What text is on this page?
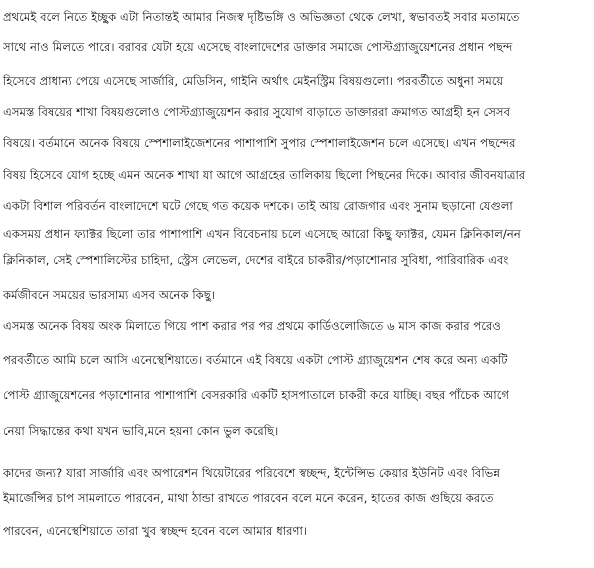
প্রথমেই বলে নিতে ইচ্ছুক এটা নিতান্তই আমার নিজস্ব দৃষ্টিভঙ্গি ও অভিজ্ঞতা থেকে লেখা, স্বভাবতই সবার মতামতে
সাথে নাও মিলতে পারে। বরাবর যেটা হয়ে এসেছে বাংলাদেশের ডাক্তার সমাজে পোস্টগ্র্যাজুয়েশনের প্রধান পছন্দ
হিসেবে প্রাধান্য পেয়ে এসেছে সার্জারি, মেডিসিন, গাইনি অর্থাৎ মেইনস্ট্রিম বিষয়গুলো। পরবর্তীতে অধুনা সময়ে
এসমস্ত বিষয়ের শাখা বিষয়গুলোও পোস্টগ্র্যাজুয়েশন করার সুযোগ বাড়াতে ডাক্তাররা ক্রমাগত আগ্রহী হন সেসব
বিষয়ে। বর্তমানে অনেক বিষয়ে স্পেশালাইজেশনের পাশাপাশি সুপার স্পেশালাইজেশন চলে এসেছে। এখন পছন্দের
বিষয় হিসেবে যোগ হচ্ছে এমন অনেক শাখা যা আগে আগ্রহের তালিকায় ছিলো পিছনের দিকে। আবার জীবনযাত্রার
একটা বিশাল পরিবর্তন বাংলাদেশে ঘটে গেছে গত কয়েক দশকে। তাই আয় রোজগার এবং সুনাম ছড়ানো যেগুলা
একসময় প্রধান ফ্যাক্টর ছিলো তার পাশাপাশি এখন বিবেচনায় চলে এসেছে আরো কিছু ফ্যাক্টর, যেমন ক্লিনিকাল/নন
ক্লিনিকাল, সেই স্পেশালিস্টের চাহিদা, স্ট্রেস লেভেল, দেশের বাইরে চাকরীর/পড়াশোনার সুবিধা, পারিবারিক এবং
কর্মজীবনে সময়ের ভারসাম্য এসব অনেক কিছু।
এসমস্ত অনেক বিষয় অংক মিলাতে গিয়ে পাশ করার পর পর প্রথমে কার্ডিওলোজিতে ৬ মাস কাজ করার পরেও
পরবর্তীতে আমি চলে আসি এনেস্থেশিয়াতে। বর্তমানে এই বিষয়ে একটা পোস্ট গ্র্যাজুয়েশন শেষ করে অন্য একটি
পোস্ট গ্র্যাজুয়েশনের পড়াশোনার পাশাপাশি বেসরকারি একটি হাসপাতালে চাকরী করে যাচ্ছি। বছর পাঁচেক আগে
নেয়া সিদ্ধান্তের কথা যখন ভাবি,মনে হয়না কোন ভুল করেছি।
কাদের জন্য? যারা সার্জারি এবং অপারেশন থিয়েটারের পরিবেশে স্বচ্ছন্দ, ইন্টেন্সিভ কেয়ার ইউনিট এবং বিভিন্ন
ইমার্জেন্সির চাপ সামলাতে পারবেন, মাথা ঠান্ডা রাখতে পারবেন বলে মনে করেন, হাতের কাজ গুছিয়ে করতে
পারবেন, এনেস্থেশিয়াতে তারা খুব স্বচ্ছন্দ হবেন বলে আমার ধারণা।
